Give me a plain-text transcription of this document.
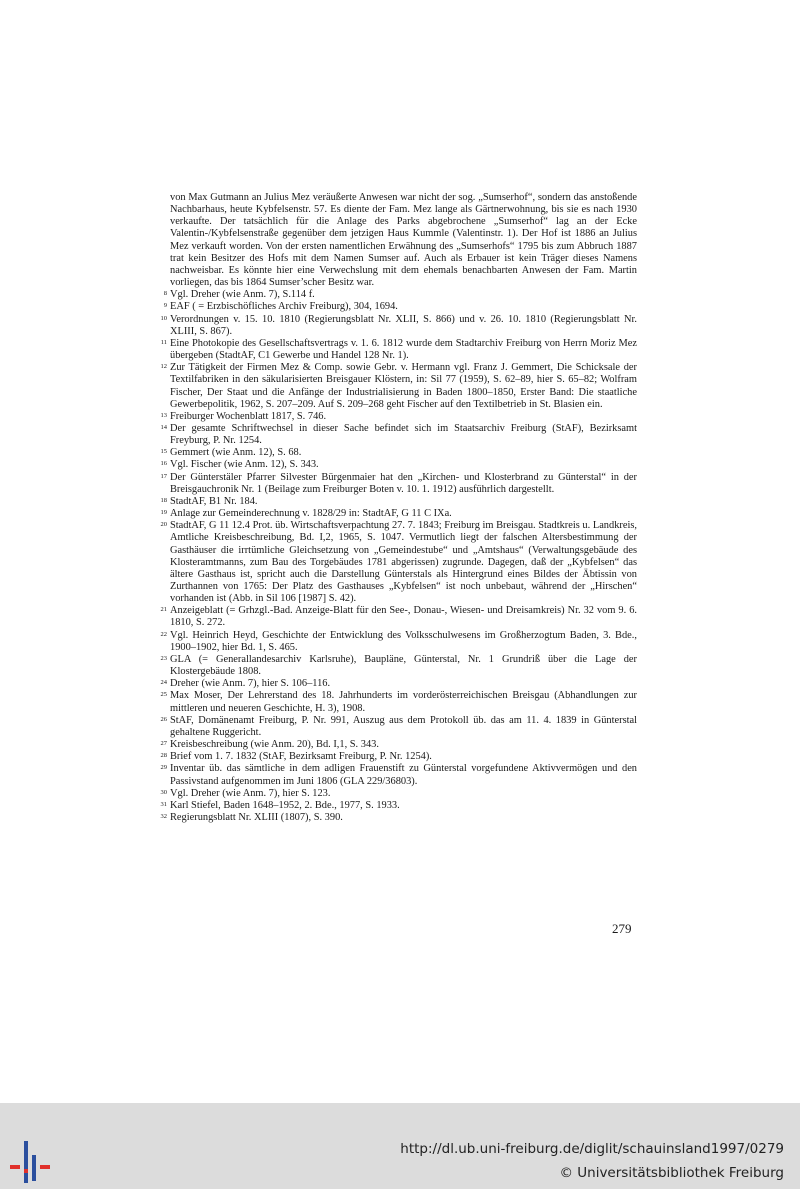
von Max Gutmann an Julius Mez veräußerte Anwesen war nicht der sog. „Sumserhof“, sondern das anstoßende Nachbarhaus, heute Kybfelsenstr. 57. Es diente der Fam. Mez lange als Gärtnerwohnung, bis sie es nach 1930 verkaufte. Der tatsächlich für die Anlage des Parks abgebrochene „Sumserhof“ lag an der Ecke Valentin-/Kybfelsenstraße gegenüber dem jetzigen Haus Kummle (Valentinstr. 1). Der Hof ist 1886 an Julius Mez verkauft worden. Von der ersten namentlichen Erwähnung des „Sumserhofs“ 1795 bis zum Abbruch 1887 trat kein Besitzer des Hofs mit dem Namen Sumser auf. Auch als Erbauer ist kein Träger dieses Namens nachweisbar. Es könnte hier eine Verwechslung mit dem ehemals benachbarten Anwesen der Fam. Martin vorliegen, das bis 1864 Sumser’scher Besitz war.

8 Vgl. Dreher (wie Anm. 7), S.114 f.

9 EAF ( = Erzbischöfliches Archiv Freiburg), 304, 1694.

10 Verordnungen v. 15. 10. 1810 (Regierungsblatt Nr. XLII, S. 866) und v. 26. 10. 1810 (Regierungsblatt Nr. XLIII, S. 867).

11 Eine Photokopie des Gesellschaftsvertrags v. 1. 6. 1812 wurde dem Stadtarchiv Freiburg von Herrn Moriz Mez übergeben (StadtAF, C1 Gewerbe und Handel 128 Nr. 1).

12 Zur Tätigkeit der Firmen Mez & Comp. sowie Gebr. v. Hermann vgl. Franz J. Gemmert, Die Schicksale der Textilfabriken in den säkularisierten Breisgauer Klöstern, in: Sil 77 (1959), S. 62–89, hier S. 65–82; Wolfram Fischer, Der Staat und die Anfänge der Industrialisierung in Baden 1800–1850, Erster Band: Die staatliche Gewerbepolitik, 1962, S. 207–209. Auf S. 209–268 geht Fischer auf den Textilbetrieb in St. Blasien ein.

13 Freiburger Wochenblatt 1817, S. 746.

14 Der gesamte Schriftwechsel in dieser Sache befindet sich im Staatsarchiv Freiburg (StAF), Bezirksamt Freyburg, P. Nr. 1254.

15 Gemmert (wie Anm. 12), S. 68.

16 Vgl. Fischer (wie Anm. 12), S. 343.

17 Der Günterstäler Pfarrer Silvester Bürgenmaier hat den „Kirchen- und Klosterbrand zu Günterstal“ in der Breisgauchronik Nr. 1 (Beilage zum Freiburger Boten v. 10. 1. 1912) ausführlich dargestellt.

18 StadtAF, B1 Nr. 184.

19 Anlage zur Gemeinderechnung v. 1828/29 in: StadtAF, G 11 C IXa.

20 StadtAF, G 11 12.4 Prot. üb. Wirtschaftsverpachtung 27. 7. 1843; Freiburg im Breisgau. Stadtkreis u. Landkreis, Amtliche Kreisbeschreibung, Bd. I,2, 1965, S. 1047. Vermutlich liegt der falschen Altersbestimmung der Gasthäuser die irrtümliche Gleichsetzung von „Gemeindestube“ und „Amtshaus“ (Verwaltungsgebäude des Klosteramtmanns, zum Bau des Torgebäudes 1781 abgerissen) zugrunde. Dagegen, daß der „Kybfelsen“ das ältere Gasthaus ist, spricht auch die Darstellung Günterstals als Hintergrund eines Bildes der Äbtissin von Zurthannen von 1765: Der Platz des Gasthauses „Kybfelsen“ ist noch unbebaut, während der „Hirschen“ vorhanden ist (Abb. in Sil 106 [1987] S. 42).

21 Anzeigeblatt (= Grhzgl.-Bad. Anzeige-Blatt für den See-, Donau-, Wiesen- und Dreisamkreis) Nr. 32 vom 9. 6. 1810, S. 272.

22 Vgl. Heinrich Heyd, Geschichte der Entwicklung des Volksschulwesens im Großherzogtum Baden, 3. Bde., 1900–1902, hier Bd. 1, S. 465.

23 GLA (= Generallandesarchiv Karlsruhe), Baupläne, Günterstal, Nr. 1 Grundriß über die Lage der Klostergebäude 1808.

24 Dreher (wie Anm. 7), hier S. 106–116.

25 Max Moser, Der Lehrerstand des 18. Jahrhunderts im vorderösterreichischen Breisgau (Abhandlungen zur mittleren und neueren Geschichte, H. 3), 1908.

26 StAF, Domänenamt Freiburg, P. Nr. 991, Auszug aus dem Protokoll üb. das am 11. 4. 1839 in Günterstal gehaltene Ruggericht.

27 Kreisbeschreibung (wie Anm. 20), Bd. I,1, S. 343.

28 Brief vom 1. 7. 1832 (StAF, Bezirksamt Freiburg, P. Nr. 1254).

29 Inventar üb. das sämtliche in dem adligen Frauenstift zu Günterstal vorgefundene Aktivvermögen und den Passivstand aufgenommen im Juni 1806 (GLA 229/36803).

30 Vgl. Dreher (wie Anm. 7), hier S. 123.

31 Karl Stiefel, Baden 1648–1952, 2. Bde., 1977, S. 1933.

32 Regierungsblatt Nr. XLIII (1807), S. 390.

279
http://dl.ub.uni-freiburg.de/diglit/schauinsland1997/0279
© Universitätsbibliothek Freiburg
